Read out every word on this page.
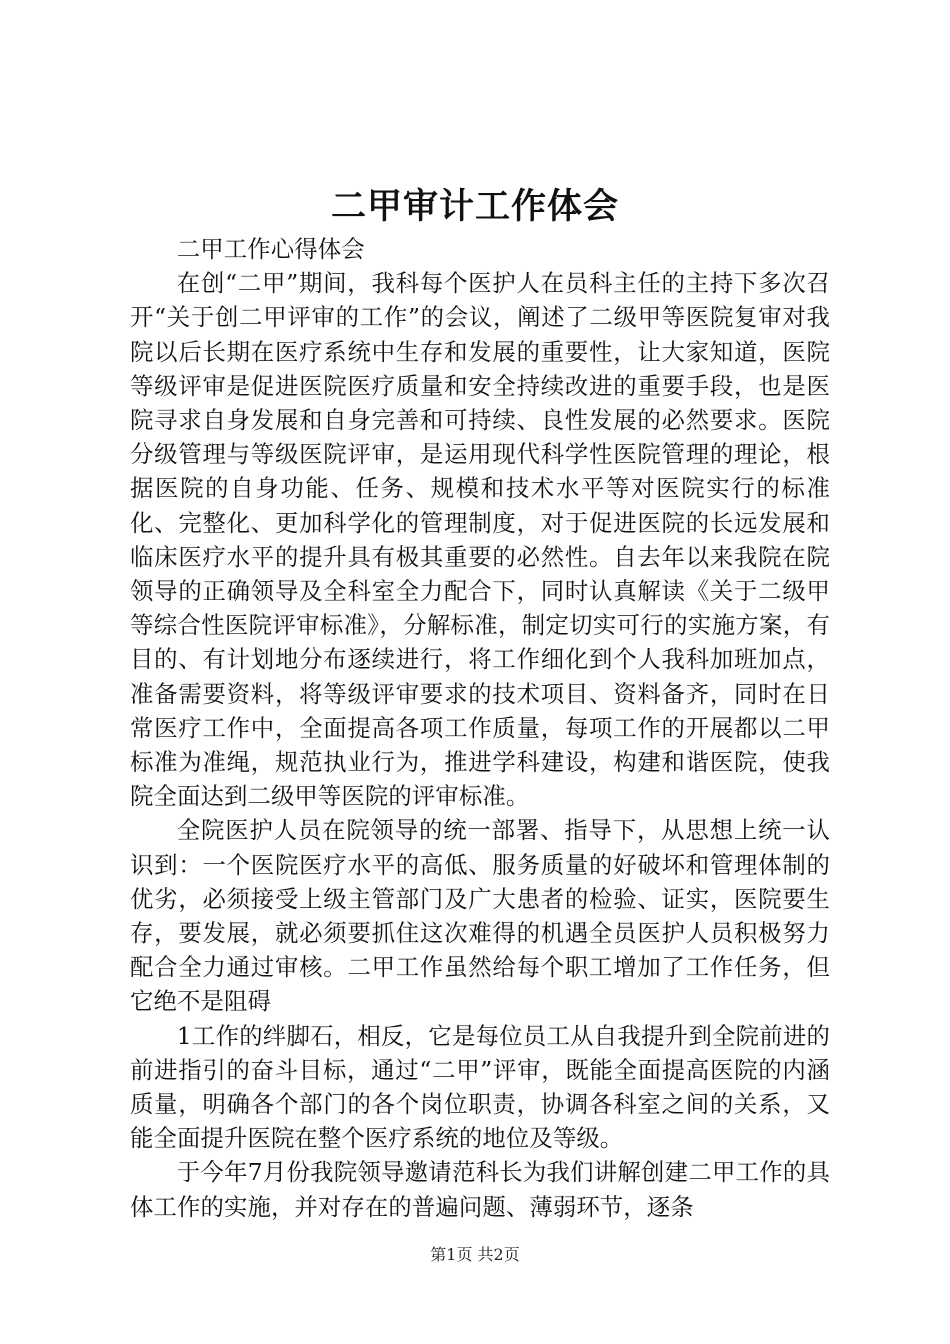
二甲审计工作体会

二甲工作心得体会

在创“二甲”期间，我科每个医护人在员科主任的主持下多次召开“关于创二甲评审的工作”的会议，阐述了二级甲等医院复审对我院以后长期在医疗系统中生存和发展的重要性，让大家知道，医院等级评审是促进医院医疗质量和安全持续改进的重要手段，也是医院寻求自身发展和自身完善和可持续、良性发展的必然要求。医院分级管理与等级医院评审，是运用现代科学性医院管理的理论，根据医院的自身功能、任务、规模和技术水平等对医院实行的标准化、完整化、更加科学化的管理制度，对于促进医院的长远发展和临床医疗水平的提升具有极其重要的必然性。自去年以来我院在院领导的正确领导及全科室全力配合下，同时认真解读《关于二级甲等综合性医院评审标准》，分解标准，制定切实可行的实施方案，有目的、有计划地分布逐续进行，将工作细化到个人我科加班加点，准备需要资料，将等级评审要求的技术项目、资料备齐，同时在日常医疗工作中，全面提高各项工作质量，每项工作的开展都以二甲标准为准绳，规范执业行为，推进学科建设，构建和谐医院，使我院全面达到二级甲等医院的评审标准。

全院医护人员在院领导的统一部署、指导下，从思想上统一认识到：一个医院医疗水平的高低、服务质量的好破坏和管理体制的优劣，必须接受上级主管部门及广大患者的检验、证实，医院要生存，要发展，就必须要抓住这次难得的机遇全员医护人员积极努力配合全力通过审核。二甲工作虽然给每个职工增加了工作任务，但它绝不是阻碍

1工作的绊脚石，相反，它是每位员工从自我提升到全院前进的前进指引的奋斗目标，通过“二甲”评审，既能全面提高医院的内涵质量，明确各个部门的各个岗位职责，协调各科室之间的关系，又能全面提升医院在整个医疗系统的地位及等级。

于今年7月份我院领导邀请范科长为我们讲解创建二甲工作的具体工作的实施，并对存在的普遍问题、薄弱环节，逐条

第1页 共2页
